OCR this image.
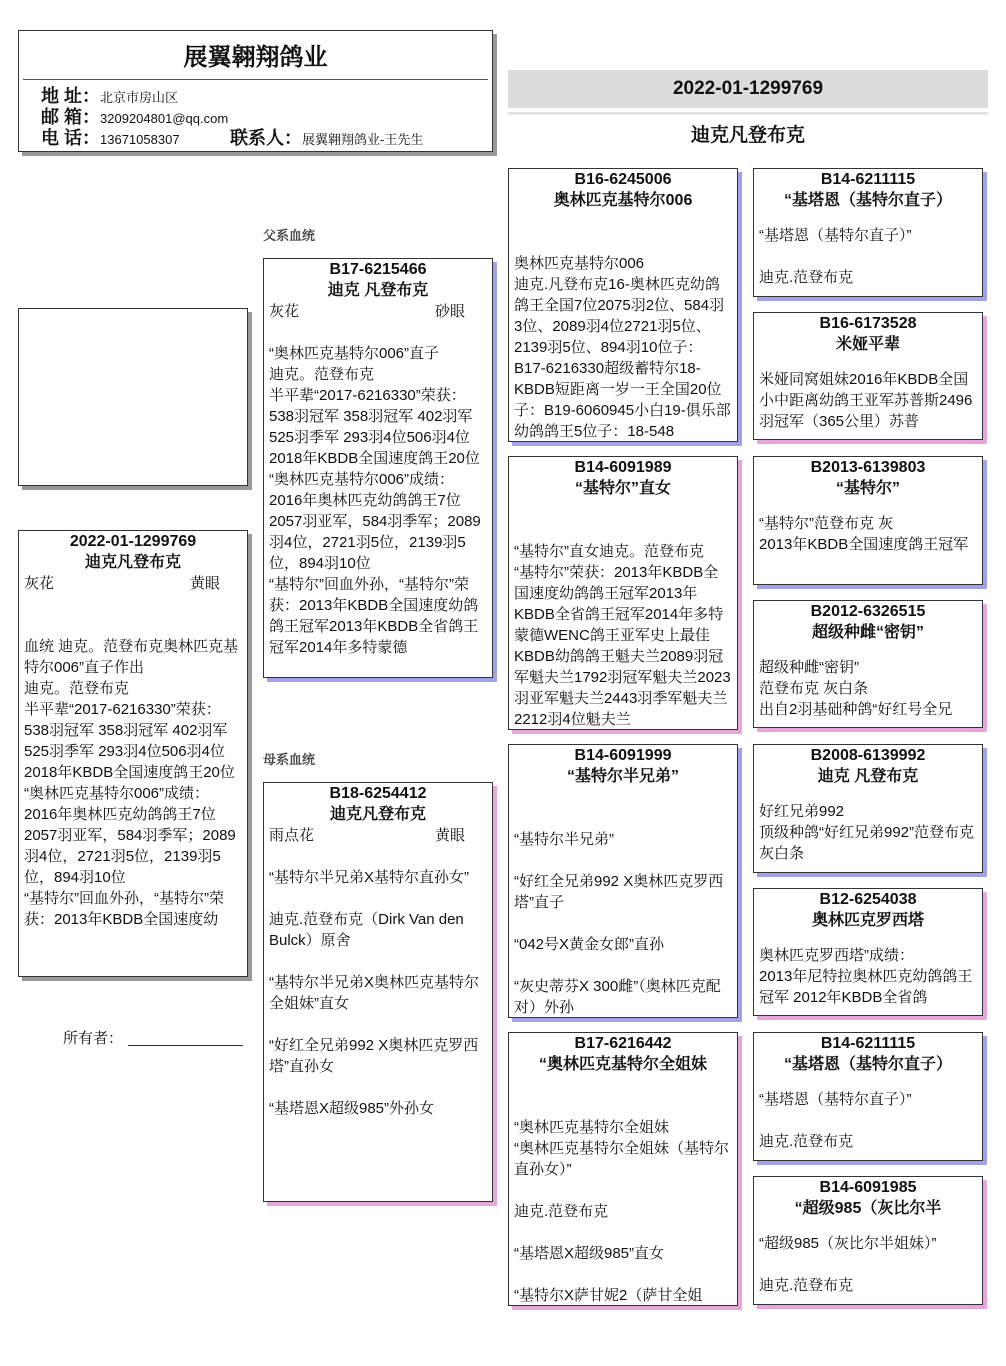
展翼翱翔鸽业
地 址：北京市房山区
邮 箱：3209204801@qq.com
电 话：13671058307	联系人：展翼翱翔鸽业-王先生
2022-01-1299769
迪克凡登布克
父系血统
母系血统
所有者：
2022-01-1299769
迪克凡登布克
灰花	黄眼

血统 迪克。范登布克奥林匹克基特尔006”直子作出
迪克。范登布克
半平辈“2017-6216330”荣获：538羽冠军 358羽冠军 402羽军 525羽季军 293羽4位506羽4位 2018年KBDB全国速度鸽王20位
“奥林匹克基特尔006”成绩：2016年奥林匹克幼鸽鸽王7位 2057羽亚军，584羽季军；2089羽4位，2721羽5位，2139羽5位，894羽10位
“基特尔”回血外孙，“基特尔”荣获：2013年KBDB全国速度幼

B17-6215466
迪克 凡登布克
灰花	砂眼

“奥林匹克基特尔006”直子
迪克。范登布克
半平辈“2017-6216330”荣获：538羽冠军 358羽冠军 402羽军 525羽季军 293羽4位506羽4位 2018年KBDB全国速度鸽王20位
“奥林匹克基特尔006”成绩：2016年奥林匹克幼鸽鸽王7位 2057羽亚军，584羽季军；2089羽4位，2721羽5位，2139羽5位，894羽10位
“基特尔”回血外孙，“基特尔”荣获：2013年KBDB全国速度幼鸽鸽王冠军2013年KBDB全省鸽王冠军2014年多特蒙德

B18-6254412
迪克凡登布克
雨点花	黄眼

“基特尔半兄弟X基特尔直孙女”

迪克.范登布克（Dirk Van den Bulck）原舍

“基特尔半兄弟X奥林匹克基特尔全姐妹”直女

“好红全兄弟992 X奥林匹克罗西塔”直孙女

“基塔恩X超级985”外孙女

B16-6245006
奥林匹克基特尔006

奥林匹克基特尔006
迪克.凡登布克16-奥林匹克幼鸽鸽王全国7位2075羽2位、584羽3位、2089羽4位2721羽5位、2139羽5位、894羽10位子：B17-6216330超级蓄特尔18-KBDB短距离一岁一王全国20位子：B19-6060945小白19-俱乐部幼鸽鸽王5位子：18-548

B14-6091989
“基特尔”直女

“基特尔”直女迪克。范登布克
“基特尔”荣获：2013年KBDB全国速度幼鸽鸽王冠军2013年KBDB全省鸽王冠军2014年多特蒙德WENC鸽王亚军史上最佳KBDB幼鸽鸽王魁夫兰2089羽冠军魁夫兰1792羽冠军魁夫兰2023羽亚军魁夫兰2443羽季军魁夫兰2212羽4位魁夫兰

B14-6091999
“基特尔半兄弟”

“基特尔半兄弟”

“好红全兄弟992 X奥林匹克罗西塔”直子

“042号X黄金女郎”直孙

“灰史蒂芬X 300雌”（奥林匹克配对）外孙

B17-6216442
“奥林匹克基特尔全姐妹

“奥林匹克基特尔全姐妹
“奥林匹克基特尔全姐妹（基特尔直孙女）”

迪克.范登布克

“基塔恩X超级985”直女

“基特尔X萨甘妮2（萨甘全姐

B14-6211115
“基塔恩（基特尔直子）

“基塔恩（基特尔直子）”

迪克.范登布克

B16-6173528
米娅平辈

米娅同窝姐妹2016年KBDB全国小中距离幼鸽王亚军苏普斯2496羽冠军（365公里）苏普

B2013-6139803
“基特尔”

“基特尔”范登布克 灰
2013年KBDB全国速度鸽王冠军

B2012-6326515
超级种雌“密钥”

超级种雌“密钥”
范登布克 灰白条
出自2羽基础种鸽“好红号全兄

B2008-6139992
迪克 凡登布克

好红兄弟992
顶级种鸽“好红兄弟992”范登布克 灰白条

B12-6254038
奥林匹克罗西塔

奥林匹克罗西塔”成绩：
2013年尼特拉奥林匹克幼鸽鸽王冠军 2012年KBDB全省鸽

B14-6211115
“基塔恩（基特尔直子）

“基塔恩（基特尔直子）”

迪克.范登布克

B14-6091985
“超级985（灰比尔半

“超级985（灰比尔半姐妹）”

迪克.范登布克
